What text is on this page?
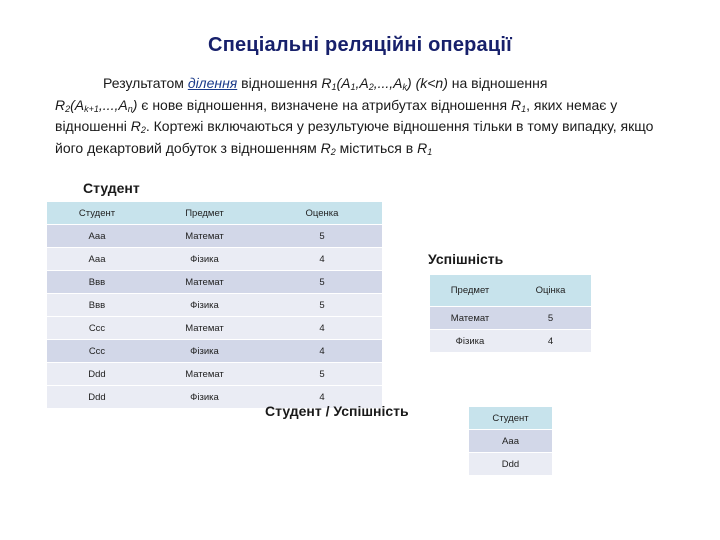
Спеціальні реляційні операції
Результатом ділення відношення $R_1(A_1,A_2,...,A_k)$ (k<n) на відношення
$R_2(A_{k+1},...,A_n)$ є нове відношення, визначене на атрибутах відношення $R_1$, яких немає у відношенні $R_2$. Кортежі включаються у результуюче відношення тільки в тому випадку, якщо його декартовий добуток з відношенням $R_2$ міститься в $R_1$
Студент
Студент	Предмет	Оценка
Ааа	Математ	5
Ааа	Фізика	4
Ввв	Математ	5
Ввв	Фізика	5
Ссс	Математ	4
Ссс	Фізика	4
Ddd	Математ	5
Ddd	Фізика	4
Успішність
Предмет	Оцінка
Математ	5
Фізика	4
Студент / Успішність	Студент
Ааа
Ddd
